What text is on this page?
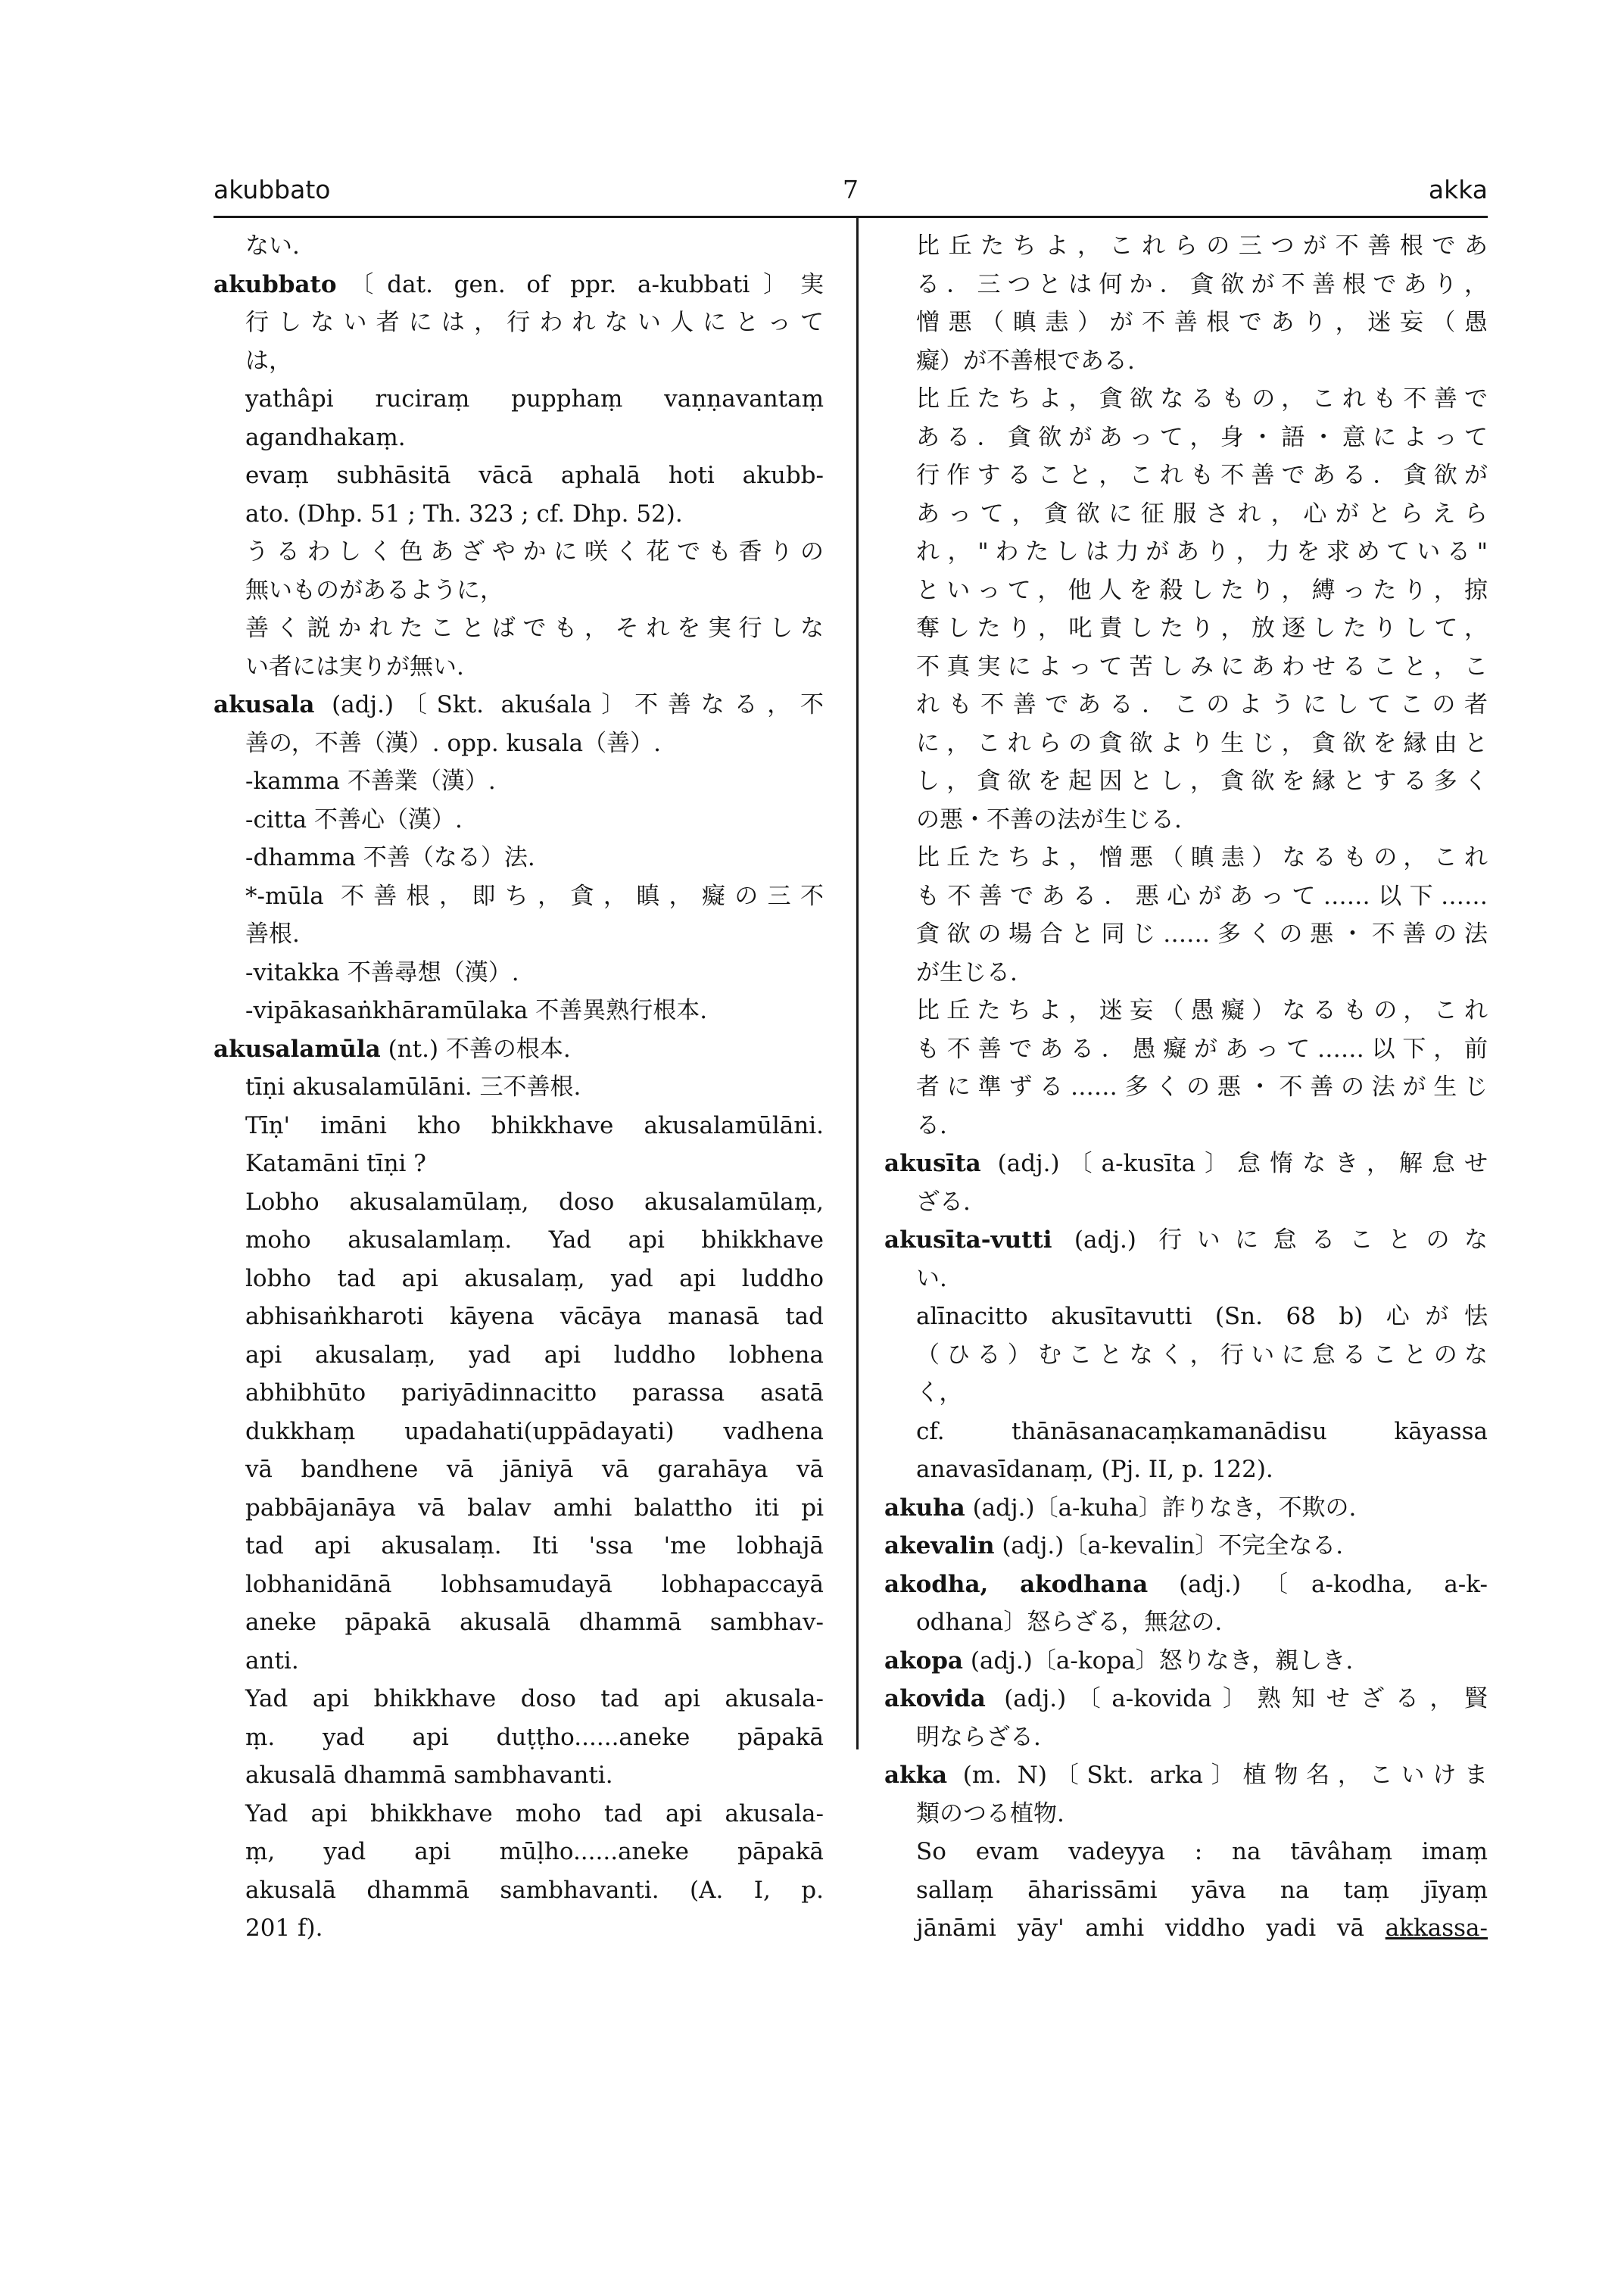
akubbato	7	akka
ない.
akubbato〔dat. gen. of ppr. a-kubbati〕実
行しない者には，行われない人にとって
は，
yathâpi ruciraṃ pupphaṃ vaṇṇavantaṃ
agandhakaṃ.
evaṃ subhāsitā vācā aphalā hoti akubb-
ato. (Dhp. 51 ; Th. 323 ; cf. Dhp. 52).
うるわしく色あざやかに咲く花でも香りの
無いものがあるように，
善く説かれたことばでも，それを実行しな
い者には実りが無い.
akusala (adj.)〔Skt. akuśala〕不善なる，不
善の，不善（漢）. opp. kusala（善）.
-kamma 不善業（漢）.
-citta 不善心（漢）.
-dhamma 不善（なる）法.
*-mūla 不善根，即ち，貪，瞋，癡の三不
善根.
-vitakka 不善尋想（漢）.
-vipākasaṅkhāramūlaka 不善異熟行根本.
akusalamūla (nt.) 不善の根本.
tīṇi akusalamūlāni. 三不善根.
Tīṇ' imāni kho bhikkhave akusalamūlāni.
Katamāni tīṇi ?
Lobho akusalamūlaṃ, doso akusalamūlaṃ,
moho akusalamlaṃ. Yad api bhikkhave
lobho tad api akusalaṃ, yad api luddho
abhisaṅkharoti kāyena vācāya manasā tad
api akusalaṃ, yad api luddho lobhena
abhibhūto pariyādinnacitto parassa asatā
dukkhaṃ upadahati(uppādayati) vadhena
vā bandhene vā jāniyā vā garahāya vā
pabbājanāya vā balav amhi balattho iti pi
tad api akusalaṃ. Iti 'ssa 'me lobhajā
lobhanidānā lobhsamudayā lobhapaccayā
aneke pāpakā akusalā dhammā sambhav-
anti.
Yad api bhikkhave doso tad api akusala-
ṃ. yad api duṭṭho......aneke pāpakā
akusalā dhammā sambhavanti.
Yad api bhikkhave moho tad api akusala-
ṃ, yad api mūḷho......aneke pāpakā
akusalā dhammā sambhavanti. (A. I, p.
201 f).
比丘たちよ，これらの三つが不善根であ
る．三つとは何か．貪欲が不善根であり，
憎悪（瞋恚）が不善根であり，迷妄（愚
癡）が不善根である.
比丘たちよ，貪欲なるもの，これも不善で
ある．貪欲があって，身・語・意によって
行作すること，これも不善である．貪欲が
あって，貪欲に征服され，心がとらえら
れ，"わたしは力があり，力を求めている"
といって，他人を殺したり，縛ったり，掠
奪したり，叱責したり，放逐したりして，
不真実によって苦しみにあわせること，こ
れも不善である．このようにしてこの者
に，これらの貪欲より生じ，貪欲を縁由と
し，貪欲を起因とし，貪欲を縁とする多く
の悪・不善の法が生じる.
比丘たちよ，憎悪（瞋恚）なるもの，これ
も不善である．悪心があって……以下……
貪欲の場合と同じ……多くの悪・不善の法
が生じる.
比丘たちよ，迷妄（愚癡）なるもの，これ
も不善である．愚癡があって……以下，前
者に準ずる……多くの悪・不善の法が生じ
る.
akusīta (adj.)〔a-kusīta〕怠惰なき，解怠せ
ざる.
akusīta-vutti (adj.) 行いに怠ることのな
い.
alīnacitto akusītavutti (Sn. 68 b) 心が怯
（ひる）むことなく，行いに怠ることのな
く，
cf. thānāsanacaṃkamanādisu kāyassa
anavasīdanaṃ, (Pj. II, p. 122).
akuha (adj.)〔a-kuha〕詐りなき，不欺の.
akevalin (adj.)〔a-kevalin〕不完全なる.
akodha, akodhana (adj.)〔a-kodha, a-k-
odhana〕怒らざる，無忿の.
akopa (adj.)〔a-kopa〕怒りなき，親しき.
akovida (adj.)〔a-kovida〕熟知せざる，賢
明ならざる.
akka (m. N)〔Skt. arka〕植物名，こいけま
類のつる植物.
So evam vadeyya : na tāvâhaṃ imaṃ
sallaṃ āharissāmi yāva na taṃ jīyaṃ
jānāmi yāy' amhi viddho yadi vā akkassa-
